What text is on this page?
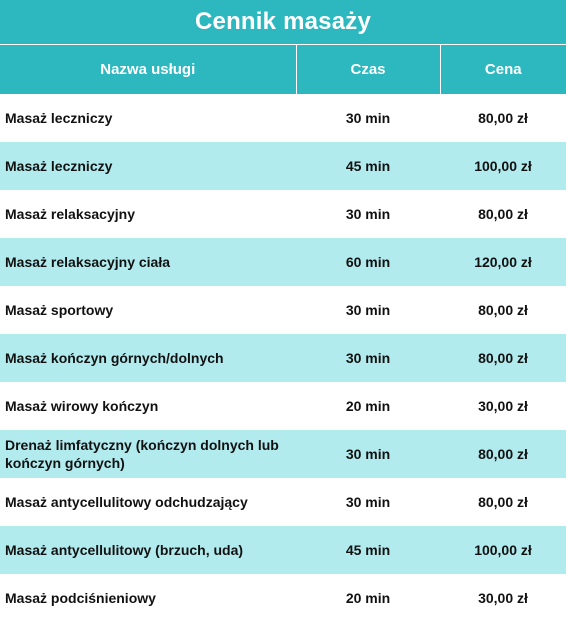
Cennik masaży
Nazwa usługi	Czas	Cena
Masaż leczniczy	30 min	80,00 zł
Masaż leczniczy	45 min	100,00 zł
Masaż relaksacyjny	30 min	80,00 zł
Masaż relaksacyjny ciała	60 min	120,00 zł
Masaż sportowy	30 min	80,00 zł
Masaż kończyn górnych/dolnych	30 min	80,00 zł
Masaż wirowy kończyn	20 min	30,00 zł
Drenaż limfatyczny (kończyn dolnych lub kończyn górnych)	30 min	80,00 zł
Masaż antycellulitowy odchudzający	30 min	80,00 zł
Masaż antycellulitowy (brzuch, uda)	45 min	100,00 zł
Masaż podciśnieniowy	20 min	30,00 zł
